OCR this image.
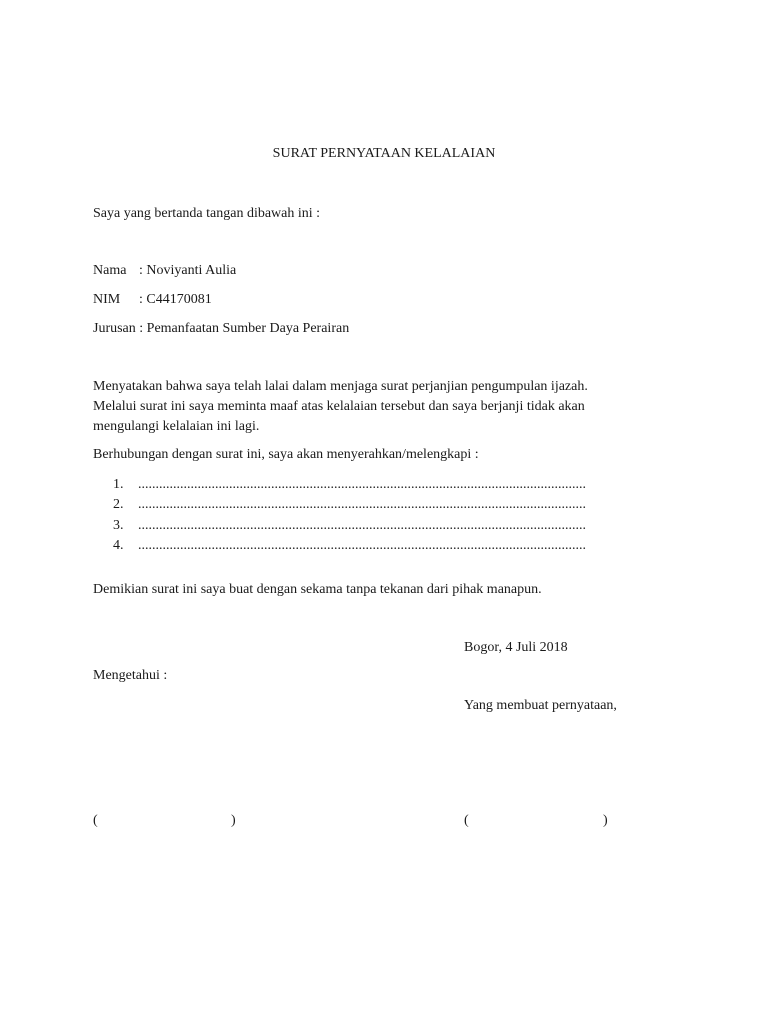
SURAT PERNYATAAN KELALAIAN
Saya yang bertanda tangan dibawah ini :
Nama : Noviyanti Aulia
NIM : C44170081
Jurusan : Pemanfaatan Sumber Daya Perairan
Menyatakan bahwa saya telah lalai dalam menjaga surat perjanjian pengumpulan ijazah.
Melalui surat ini saya meminta maaf atas kelalaian tersebut dan saya berjanji tidak akan
mengulangi kelalaian ini lagi.
Berhubungan dengan surat ini, saya akan menyerahkan/melengkapi :
1.	................................................................................................................................
2.	................................................................................................................................
3.	................................................................................................................................
4.	................................................................................................................................
Demikian surat ini saya buat dengan sekama tanpa tekanan dari pihak manapun.
Bogor, 4 Juli 2018
Mengetahui :
Yang membuat pernyataan,
(	)	(	)
